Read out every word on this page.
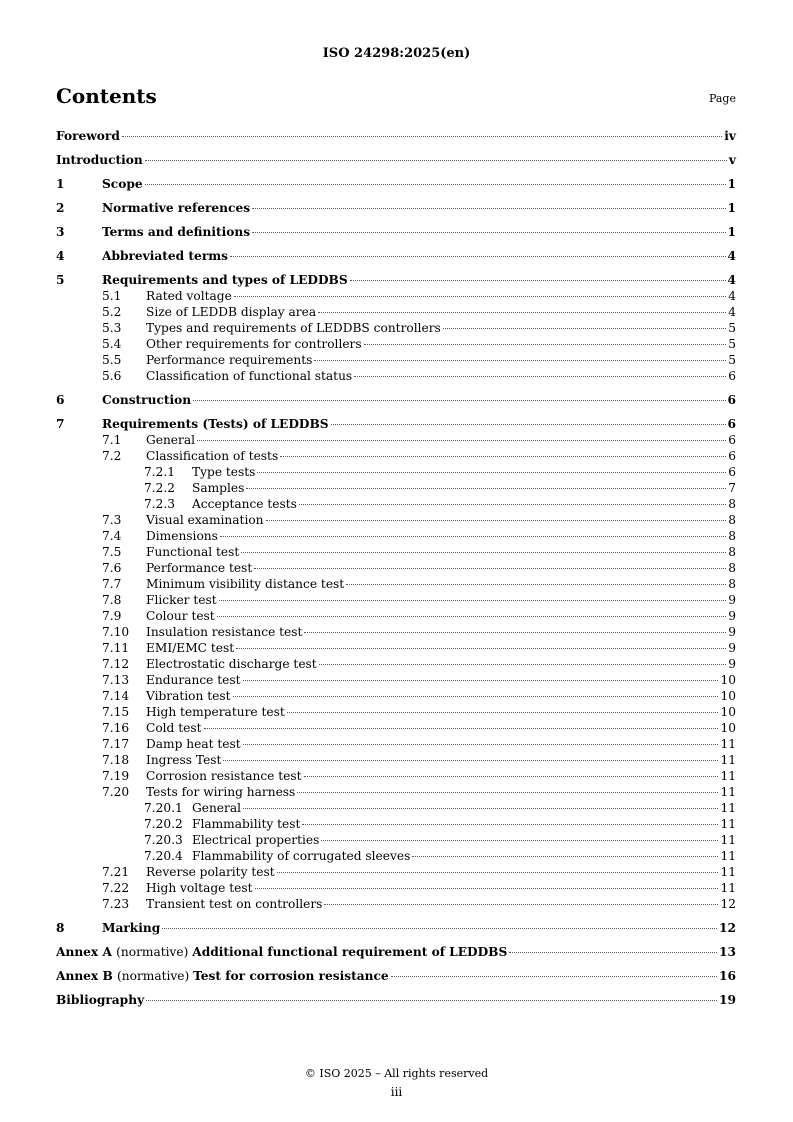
ISO 24298:2025(en)
Contents	Page
Foreword	iv
Introduction	v
1	Scope	1
2	Normative references	1
3	Terms and definitions	1
4	Abbreviated terms	4
5	Requirements and types of LEDDBS	4
5.1	Rated voltage	4
5.2	Size of LEDDB display area	4
5.3	Types and requirements of LEDDBS controllers	5
5.4	Other requirements for controllers	5
5.5	Performance requirements	5
5.6	Classification of functional status	6
6	Construction	6
7	Requirements (Tests) of LEDDBS	6
7.1	General	6
7.2	Classification of tests	6
7.2.1	Type tests	6
7.2.2	Samples	7
7.2.3	Acceptance tests	8
7.3	Visual examination	8
7.4	Dimensions	8
7.5	Functional test	8
7.6	Performance test	8
7.7	Minimum visibility distance test	8
7.8	Flicker test	9
7.9	Colour test	9
7.10	Insulation resistance test	9
7.11	EMI/EMC test	9
7.12	Electrostatic discharge test	9
7.13	Endurance test	10
7.14	Vibration test	10
7.15	High temperature test	10
7.16	Cold test	10
7.17	Damp heat test	11
7.18	Ingress Test	11
7.19	Corrosion resistance test	11
7.20	Tests for wiring harness	11
7.20.1 General	11
7.20.2 Flammability test	11
7.20.3 Electrical properties	11
7.20.4 Flammability of corrugated sleeves	11
7.21	Reverse polarity test	11
7.22	High voltage test	11
7.23	Transient test on controllers	12
8	Marking	12
Annex A (normative) Additional functional requirement of LEDDBS	13
Annex B (normative) Test for corrosion resistance	16
Bibliography	19
© ISO 2025 – All rights reserved
iii
